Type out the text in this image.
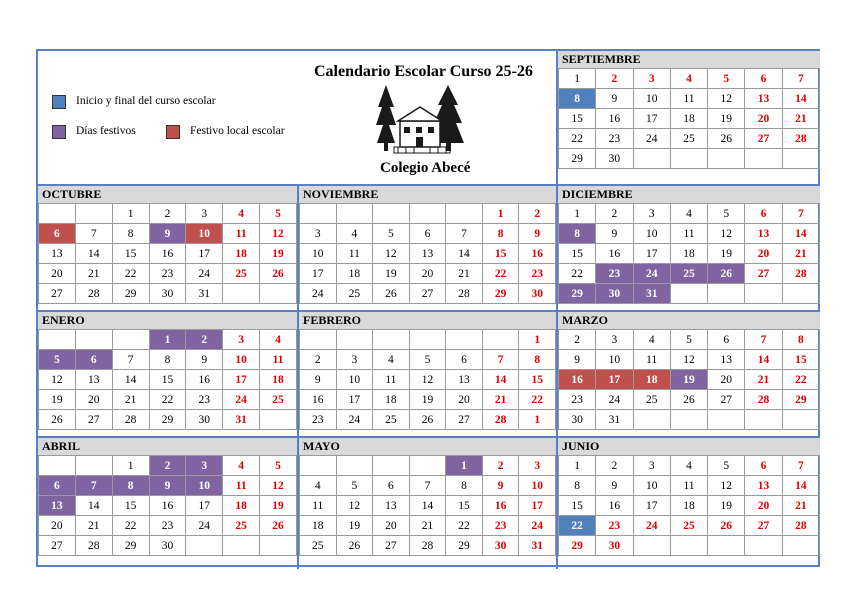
Inicio y final del curso escolar
Días festivos	Festivo local escolar
Calendario Escolar Curso 25-26
Colegio Abecé
SEPTIEMBRE
1	2	3	4	5	6	7
8	9	10	11	12	13	14
15	16	17	18	19	20	21
22	23	24	25	26	27	28
29	30					
OCTUBRE
		1	2	3	4	5
6	7	8	9	10	11	12
13	14	15	16	17	18	19
20	21	22	23	24	25	26
27	28	29	30	31		
NOVIEMBRE
					1	2
3	4	5	6	7	8	9
10	11	12	13	14	15	16
17	18	19	20	21	22	23
24	25	26	27	28	29	30
DICIEMBRE
1	2	3	4	5	6	7
8	9	10	11	12	13	14
15	16	17	18	19	20	21
22	23	24	25	26	27	28
29	30	31				
ENERO
			1	2	3	4
5	6	7	8	9	10	11
12	13	14	15	16	17	18
19	20	21	22	23	24	25
26	27	28	29	30	31	
FEBRERO
						1
2	3	4	5	6	7	8
9	10	11	12	13	14	15
16	17	18	19	20	21	22
23	24	25	26	27	28	1
MARZO
2	3	4	5	6	7	8
9	10	11	12	13	14	15
16	17	18	19	20	21	22
23	24	25	26	27	28	29
30	31					
ABRIL
		1	2	3	4	5
6	7	8	9	10	11	12
13	14	15	16	17	18	19
20	21	22	23	24	25	26
27	28	29	30			
MAYO
				1	2	3
4	5	6	7	8	9	10
11	12	13	14	15	16	17
18	19	20	21	22	23	24
25	26	27	28	29	30	31
JUNIO
1	2	3	4	5	6	7
8	9	10	11	12	13	14
15	16	17	18	19	20	21
22	23	24	25	26	27	28
29	30					
